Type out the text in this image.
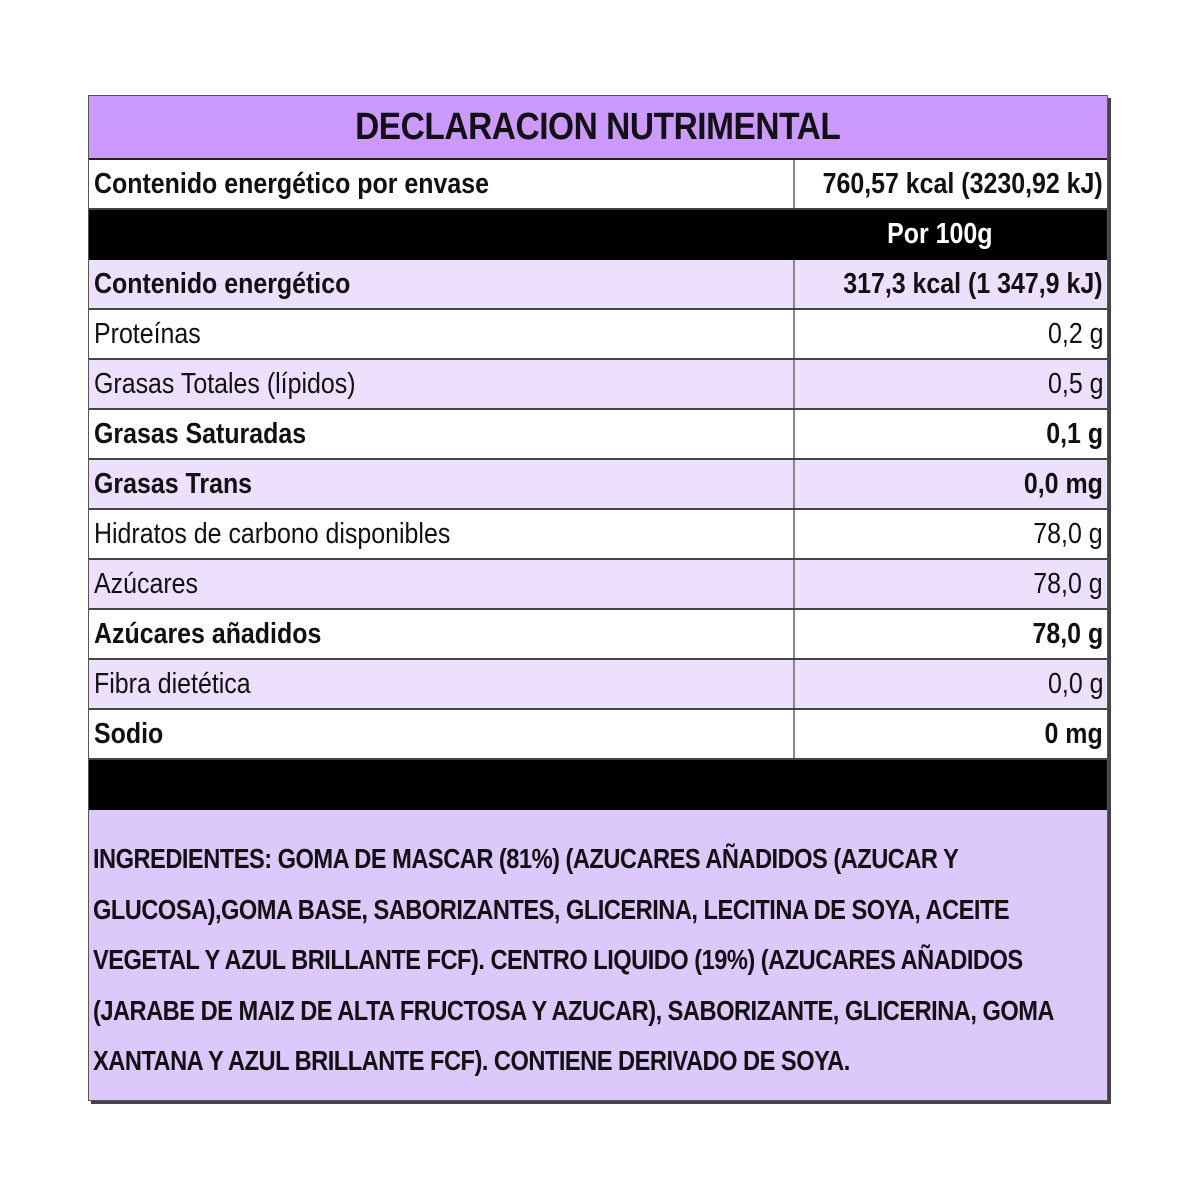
DECLARACION NUTRIMENTAL
Contenido energético por envase	760,57 kcal (3230,92 kJ)
Por 100g
Contenido energético	317,3 kcal (1 347,9 kJ)
Proteínas	0,2 g
Grasas Totales (lípidos)	0,5 g
Grasas Saturadas	0,1 g
Grasas Trans	0,0 mg
Hidratos de carbono disponibles	78,0 g
Azúcares	78,0 g
Azúcares añadidos	78,0 g
Fibra dietética	0,0 g
Sodio	0 mg

INGREDIENTES: GOMA DE MASCAR (81%) (AZUCARES AÑADIDOS (AZUCAR Y GLUCOSA),GOMA BASE, SABORIZANTES, GLICERINA, LECITINA DE SOYA, ACEITE VEGETAL Y AZUL BRILLANTE FCF). CENTRO LIQUIDO (19%) (AZUCARES AÑADIDOS (JARABE DE MAIZ DE ALTA FRUCTOSA Y AZUCAR), SABORIZANTE, GLICERINA, GOMA XANTANA Y AZUL BRILLANTE FCF). CONTIENE DERIVADO DE SOYA.
